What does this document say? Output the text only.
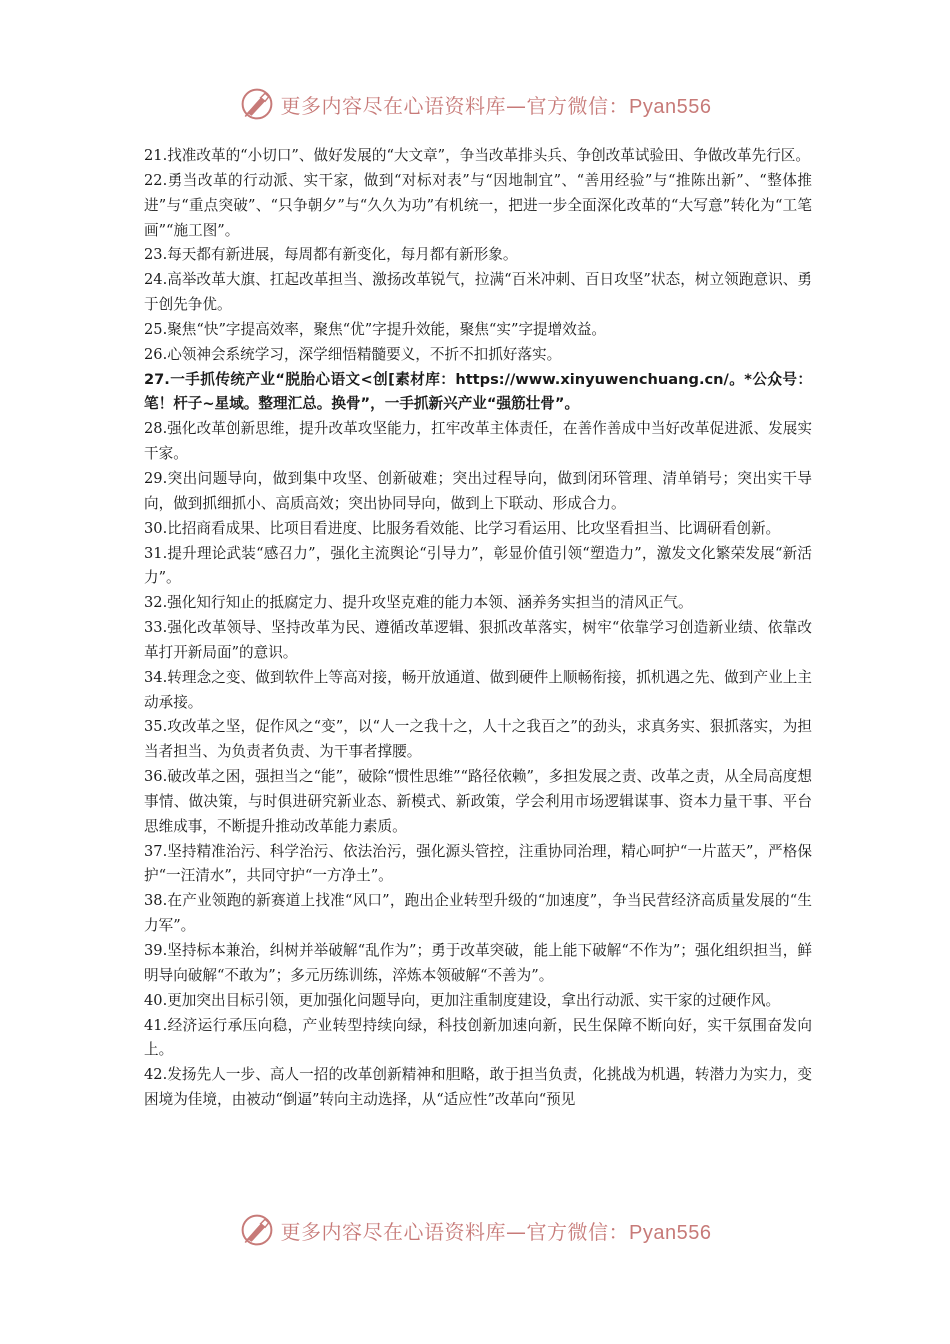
更多内容尽在心语资料库—官方微信：Pyan556

21.找准改革的“小切口”、做好发展的“大文章”，争当改革排头兵、争创改革试验田、争做改革先行区。

22.勇当改革的行动派、实干家，做到“对标对表”与“因地制宜”、“善用经验”与“推陈出新”、“整体推进”与“重点突破”、“只争朝夕”与“久久为功”有机统一，把进一步全面深化改革的“大写意”转化为“工笔画”“施工图”。

23.每天都有新进展，每周都有新变化，每月都有新形象。

24.高举改革大旗、扛起改革担当、激扬改革锐气，拉满“百米冲刺、百日攻坚”状态，树立领跑意识、勇于创先争优。

25.聚焦“快”字提高效率，聚焦“优”字提升效能，聚焦“实”字提增效益。

26.心领神会系统学习，深学细悟精髓要义，不折不扣抓好落实。

27.一手抓传统产业“脱胎心语文<创[素材库：https://www.xinyuwenchuang.cn/。*公众号：笔！杆子~星域。整理汇总。换骨”，一手抓新兴产业“强筋壮骨”。

28.强化改革创新思维，提升改革攻坚能力，扛牢改革主体责任，在善作善成中当好改革促进派、发展实干家。

29.突出问题导向，做到集中攻坚、创新破难；突出过程导向，做到闭环管理、清单销号；突出实干导向，做到抓细抓小、高质高效；突出协同导向，做到上下联动、形成合力。

30.比招商看成果、比项目看进度、比服务看效能、比学习看运用、比攻坚看担当、比调研看创新。

31.提升理论武装“感召力”，强化主流舆论“引导力”，彰显价值引领“塑造力”，激发文化繁荣发展“新活力”。

32.强化知行知止的抵腐定力、提升攻坚克难的能力本领、涵养务实担当的清风正气。

33.强化改革领导、坚持改革为民、遵循改革逻辑、狠抓改革落实，树牢“依靠学习创造新业绩、依靠改革打开新局面”的意识。

34.转理念之变、做到软件上等高对接，畅开放通道、做到硬件上顺畅衔接，抓机遇之先、做到产业上主动承接。

35.攻改革之坚，促作风之“变”，以“人一之我十之，人十之我百之”的劲头，求真务实、狠抓落实，为担当者担当、为负责者负责、为干事者撑腰。

36.破改革之困，强担当之“能”，破除“惯性思维”“路径依赖”，多担发展之责、改革之责，从全局高度想事情、做决策，与时俱进研究新业态、新模式、新政策，学会利用市场逻辑谋事、资本力量干事、平台思维成事，不断提升推动改革能力素质。

37.坚持精准治污、科学治污、依法治污，强化源头管控，注重协同治理，精心呵护“一片蓝天”，严格保护“一汪清水”，共同守护“一方净土”。

38.在产业领跑的新赛道上找准“风口”，跑出企业转型升级的“加速度”，争当民营经济高质量发展的“生力军”。

39.坚持标本兼治，纠树并举破解“乱作为”；勇于改革突破，能上能下破解“不作为”；强化组织担当，鲜明导向破解“不敢为”；多元历练训练，淬炼本领破解“不善为”。

40.更加突出目标引领，更加强化问题导向，更加注重制度建设，拿出行动派、实干家的过硬作风。

41.经济运行承压向稳，产业转型持续向绿，科技创新加速向新，民生保障不断向好，实干氛围奋发向上。

42.发扬先人一步、高人一招的改革创新精神和胆略，敢于担当负责，化挑战为机遇，转潜力为实力，变困境为佳境，由被动“倒逼”转向主动选择，从“适应性”改革向“预见

更多内容尽在心语资料库—官方微信：Pyan556
